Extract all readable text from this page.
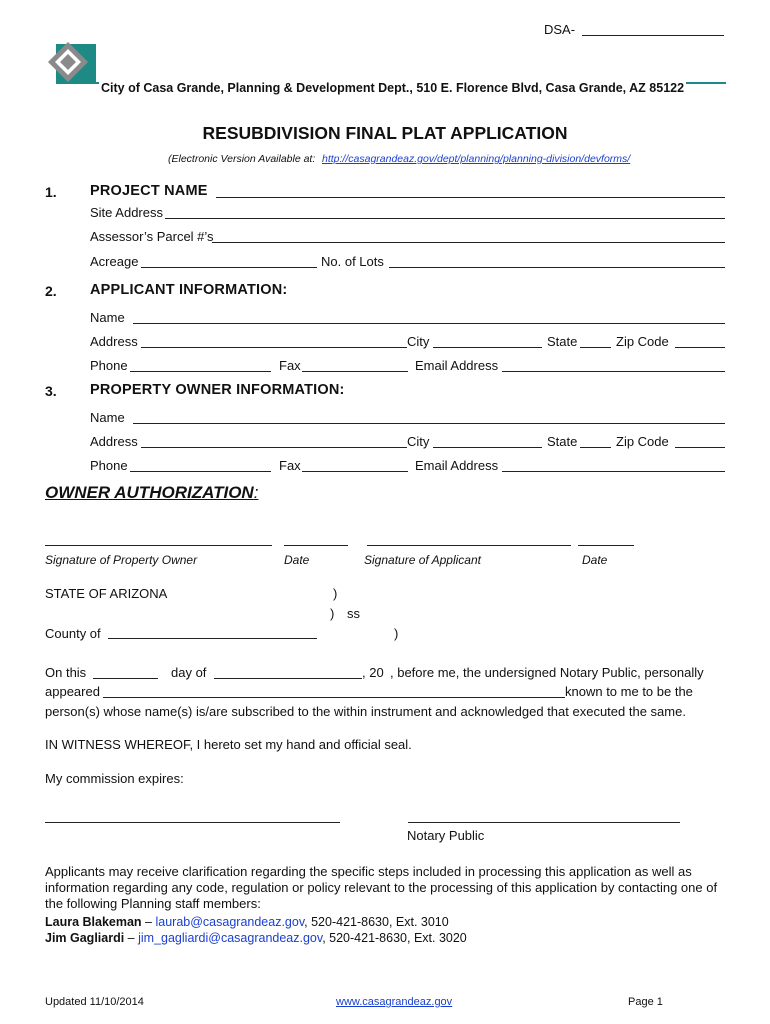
DSA-
City of Casa Grande, Planning & Development Dept., 510 E. Florence Blvd, Casa Grande, AZ 85122
RESUBDIVISION FINAL PLAT APPLICATION
(Electronic Version Available at: http://casagrandeaz.gov/dept/planning/planning-division/devforms/
1. PROJECT NAME
Site Address
Assessor’s Parcel #’s
Acreage	No. of Lots
2. APPLICANT INFORMATION:
Name
Address	City	State	Zip Code
Phone	Fax	Email Address
3. PROPERTY OWNER INFORMATION:
Name
Address	City	State	Zip Code
Phone	Fax	Email Address
OWNER AUTHORIZATION:
Signature of Property Owner	Date	Signature of Applicant	Date
STATE OF ARIZONA	)
) ss
County of	)
On this	day of	, 20 , before me, the undersigned Notary Public, personally
appeared	known to me to be the
person(s) whose name(s) is/are subscribed to the within instrument and acknowledged that executed the same.
IN WITNESS WHEREOF, I hereto set my hand and official seal.
My commission expires:
Notary Public
Applicants may receive clarification regarding the specific steps included in processing this application as well as
information regarding any code, regulation or policy relevant to the processing of this application by contacting one of
the following Planning staff members:
Laura Blakeman – laurab@casagrandeaz.gov, 520-421-8630, Ext. 3010
Jim Gagliardi – jim_gagliardi@casagrandeaz.gov, 520-421-8630, Ext. 3020
Updated 11/10/2014	www.casagrandeaz.gov	Page 1
